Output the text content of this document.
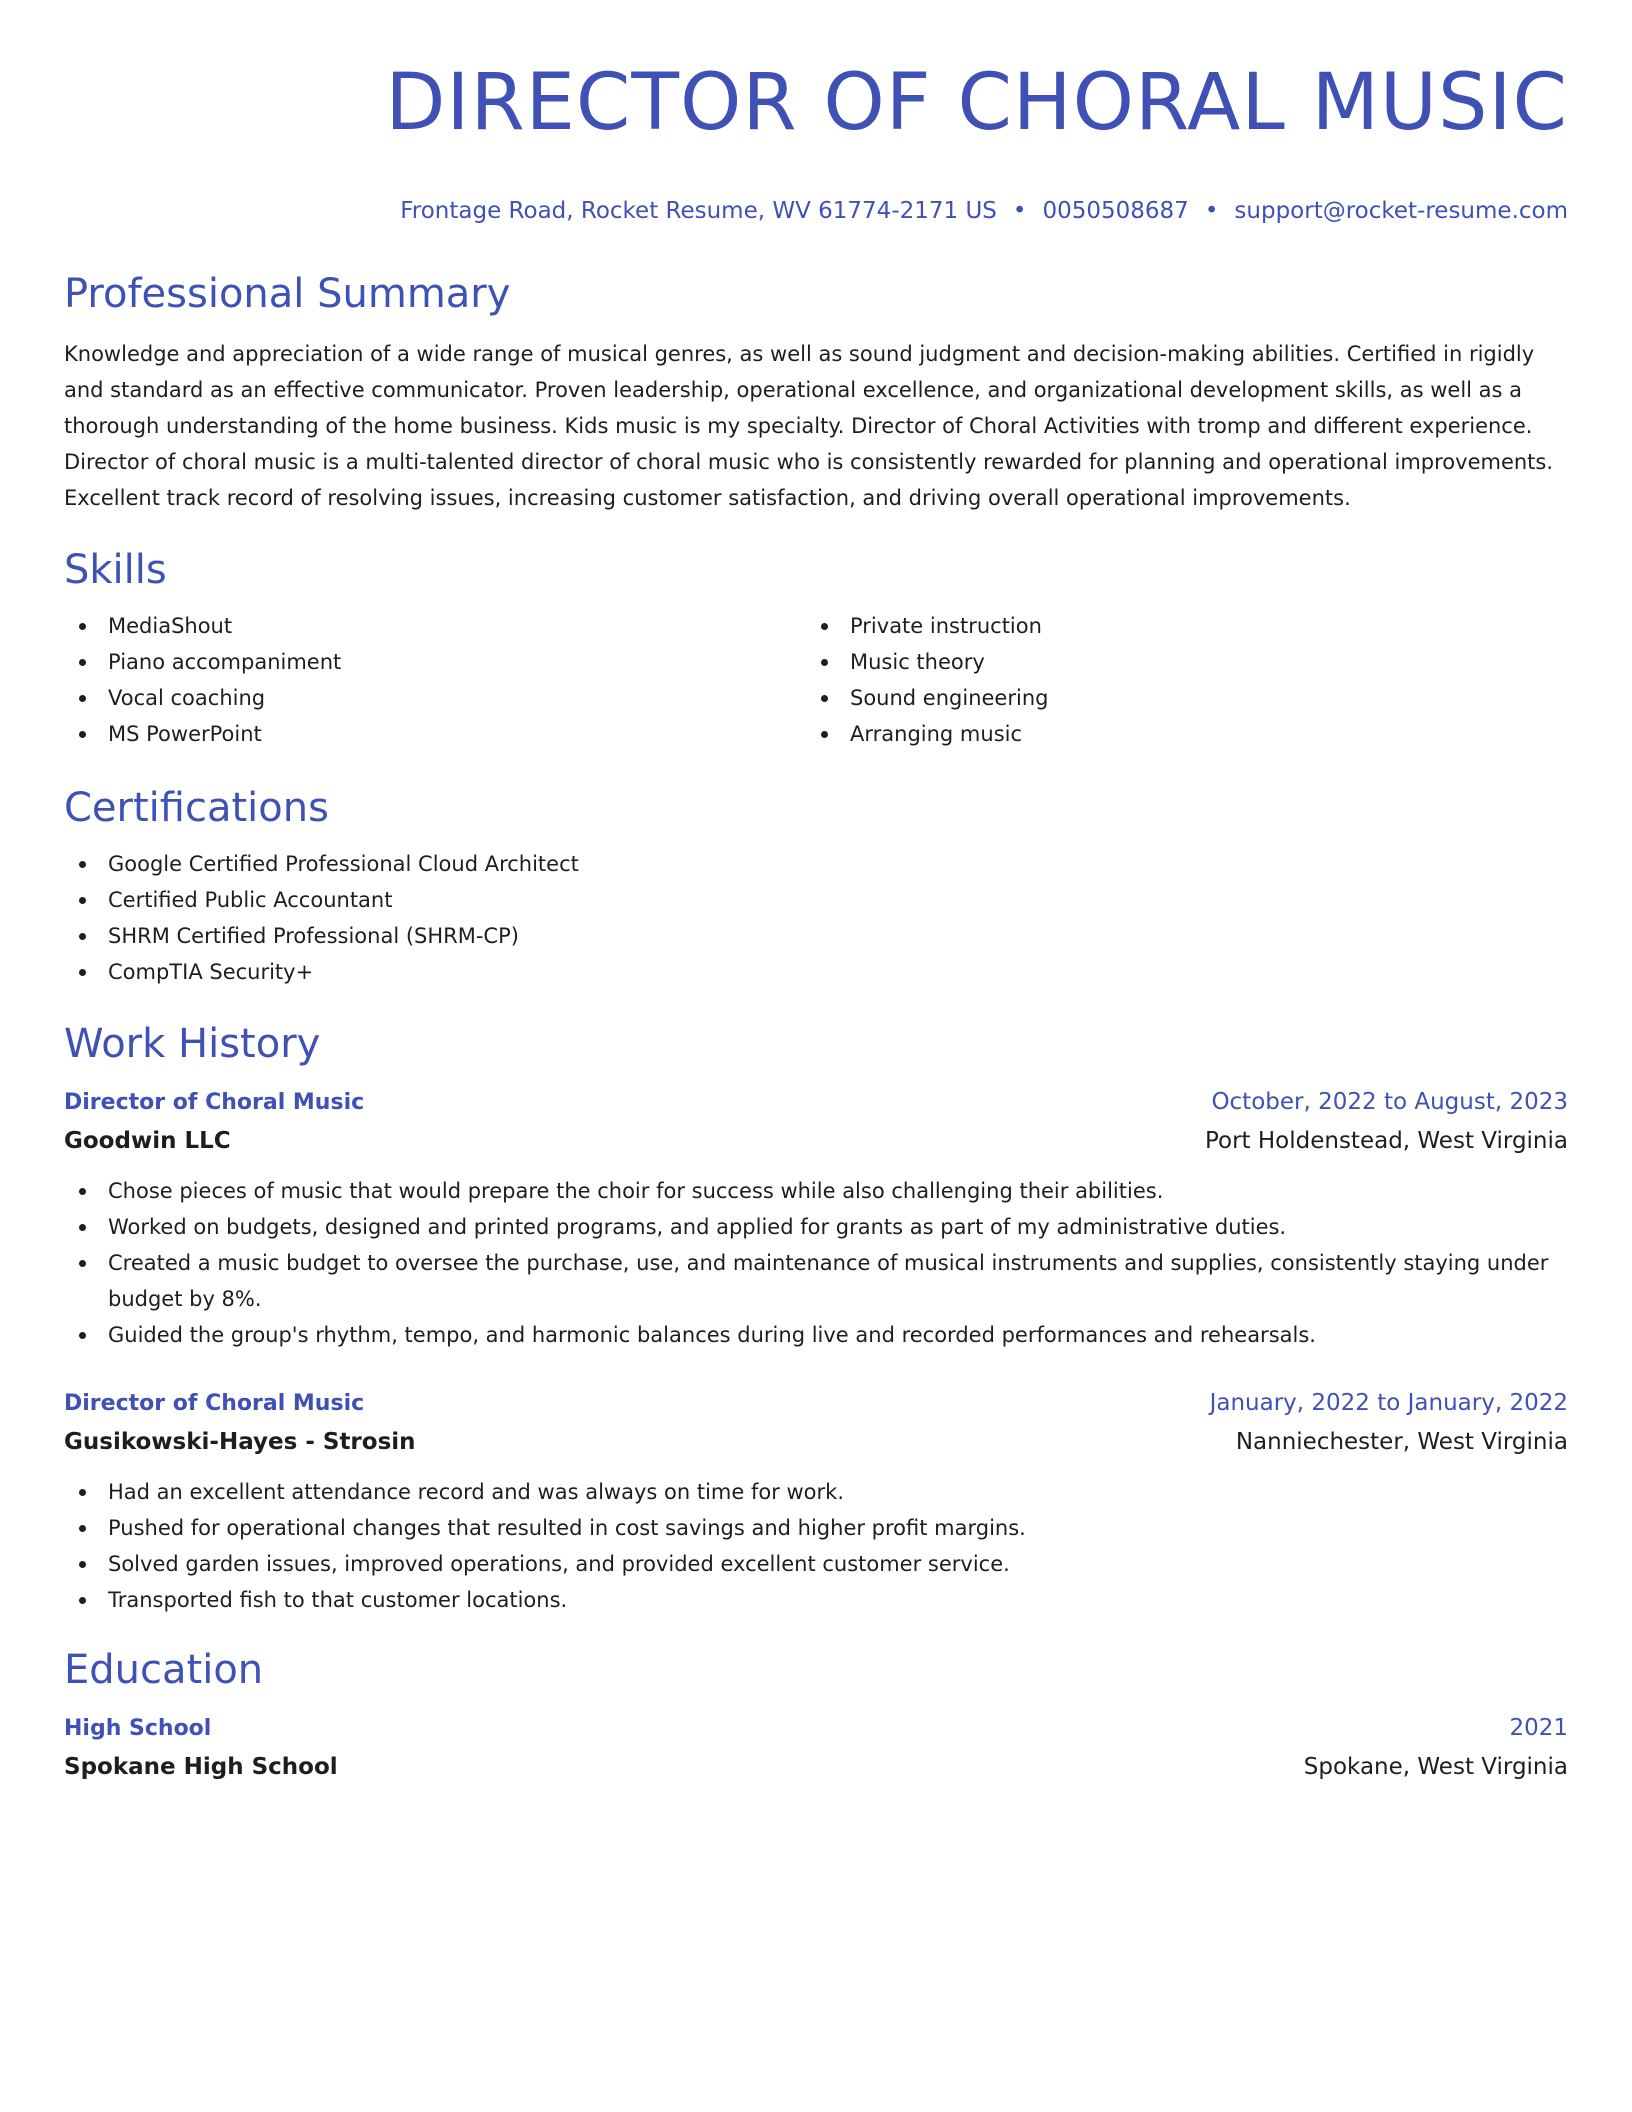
DIRECTOR OF CHORAL MUSIC
Frontage Road, Rocket Resume, WV 61774-2171 US • 0050508687 • support@rocket-resume.com
Professional Summary

Knowledge and appreciation of a wide range of musical genres, as well as sound judgment and decision-making abilities. Certified in rigidly and standard as an effective communicator. Proven leadership, operational excellence, and organizational development skills, as well as a thorough understanding of the home business. Kids music is my specialty. Director of Choral Activities with tromp and different experience. Director of choral music is a multi-talented director of choral music who is consistently rewarded for planning and operational improvements. Excellent track record of resolving issues, increasing customer satisfaction, and driving overall operational improvements.

Skills
MediaShout
Piano accompaniment
Vocal coaching
MS PowerPoint
Private instruction
Music theory
Sound engineering
Arranging music
Certifications
Google Certified Professional Cloud Architect
Certified Public Accountant
SHRM Certified Professional (SHRM-CP)
CompTIA Security+
Work History
Director of Choral Music	October, 2022 to August, 2023
Goodwin LLC	Port Holdenstead, West Virginia
Chose pieces of music that would prepare the choir for success while also challenging their abilities.
Worked on budgets, designed and printed programs, and applied for grants as part of my administrative duties.
Created a music budget to oversee the purchase, use, and maintenance of musical instruments and supplies, consistently staying under budget by 8%.
Guided the group's rhythm, tempo, and harmonic balances during live and recorded performances and rehearsals.
Director of Choral Music	January, 2022 to January, 2022
Gusikowski-Hayes - Strosin	Nanniechester, West Virginia
Had an excellent attendance record and was always on time for work.
Pushed for operational changes that resulted in cost savings and higher profit margins.
Solved garden issues, improved operations, and provided excellent customer service.
Transported fish to that customer locations.
Education
High School	2021
Spokane High School	Spokane, West Virginia
